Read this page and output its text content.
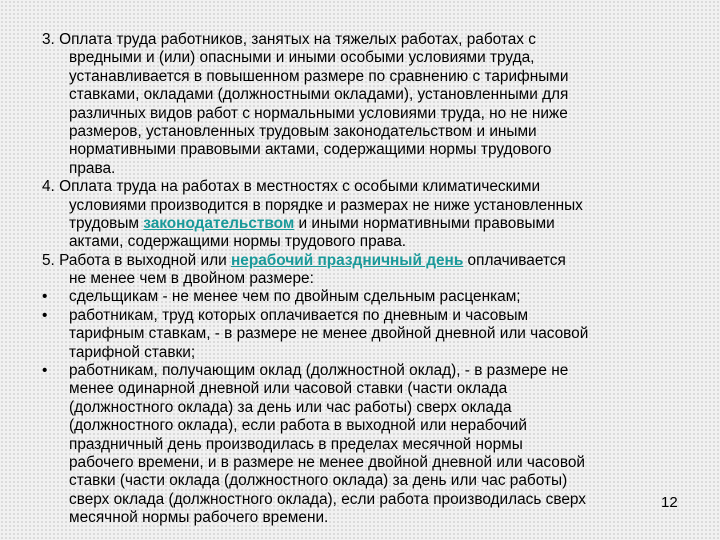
3. Оплата труда работников, занятых на тяжелых работах, работах с
вредными и (или) опасными и иными особыми условиями труда,
устанавливается в повышенном размере по сравнению с тарифными
ставками, окладами (должностными окладами), установленными для
различных видов работ с нормальными условиями труда, но не ниже
размеров, установленных трудовым законодательством и иными
нормативными правовыми актами, содержащими нормы трудового
права.
4. Оплата труда на работах в местностях с особыми климатическими
условиями производится в порядке и размерах не ниже установленных
трудовым законодательством и иными нормативными правовыми
актами, содержащими нормы трудового права.
5. Работа в выходной или нерабочий праздничный день оплачивается
не менее чем в двойном размере:
• сдельщикам - не менее чем по двойным сдельным расценкам;
• работникам, труд которых оплачивается по дневным и часовым
тарифным ставкам, - в размере не менее двойной дневной или часовой
тарифной ставки;
• работникам, получающим оклад (должностной оклад), - в размере не
менее одинарной дневной или часовой ставки (части оклада
(должностного оклада) за день или час работы) сверх оклада
(должностного оклада), если работа в выходной или нерабочий
праздничный день производилась в пределах месячной нормы
рабочего времени, и в размере не менее двойной дневной или часовой
ставки (части оклада (должностного оклада) за день или час работы)
сверх оклада (должностного оклада), если работа производилась сверх
месячной нормы рабочего времени.
12
